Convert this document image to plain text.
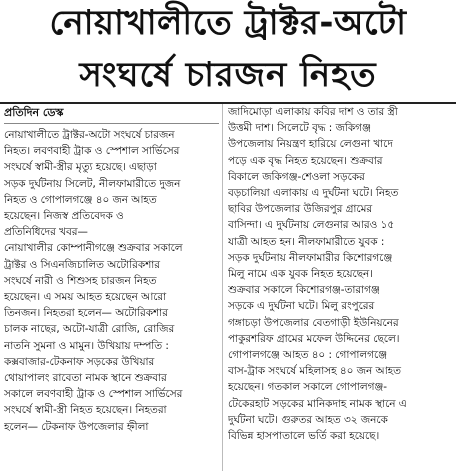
নোয়াখালীতে ট্রাক্টর-অটো
সংঘর্ষে চারজন নিহত
প্রতিদিন ডেস্ক
নোয়াখালীতে ট্রাক্টর-অটো সংঘর্ষে চারজন
নিহত। লবণবাহী ট্রাক ও স্পেশাল সার্ভিসের
সংঘর্ষে স্বামী-স্ত্রীর মৃত্যু হয়েছে। এছাড়া
সড়ক দুর্ঘটনায় সিলেট, নীলফামারীতে দুজন
নিহত ও গোপালগঞ্জে ৪০ জন আহত
হয়েছেন। নিজস্ব প্রতিবেদক ও
প্রতিনিধিদের খবর—
নোয়াখালীর কোম্পানীগঞ্জে শুক্রবার সকালে
ট্রাক্টর ও সিএনজিচালিত অটোরিকশার
সংঘর্ষে নারী ও শিশুসহ চারজন নিহত
হয়েছেন। এ সময় আহত হয়েছেন আরো
তিনজন। নিহতরা হলেন— অটোরিকশার
চালক নাছের, অটো-যাত্রী রোজি, রোজির
নাতনি সুমনা ও মামুন। উখিয়ায় দম্পতি :
কক্সবাজার-টেকনাফ সড়কের উখিয়ার
থোয়াপালং রাবেতা নামক স্থানে শুক্রবার
সকালে লবণবাহী ট্রাক ও স্পেশাল সার্ভিসের
সংঘর্ষে স্বামী-স্ত্রী নিহত হয়েছেন। নিহতরা
হলেন— টেকনাফ উপজেলার হ্নীলা
জাদিমোড়া এলাকায় কবির দাশ ও তার স্ত্রী
উত্তমী দাশ। সিলেটে বৃদ্ধ : জকিগঞ্জ
উপজেলায় নিয়ন্ত্রণ হারিয়ে লেগুনা খাদে
পড়ে এক বৃদ্ধ নিহত হয়েছেন। শুক্রবার
বিকালে জকিগঞ্জ-শেওলা সড়কের
বড়চালিয়া এলাকায় এ দুর্ঘটনা ঘটে। নিহত
ছাবির উপজেলার উজিরপুর গ্রামের
বাসিন্দা। এ দুর্ঘটনায় লেগুনার আরও ১৫
যাত্রী আহত হন। নীলফামারীতে যুবক :
সড়ক দুর্ঘটনায় নীলফামারীর কিশোরগঞ্জে
মিলু নামে এক যুবক নিহত হয়েছেন।
শুক্রবার সকালে কিশোরগঞ্জ-তারাগঞ্জ
সড়কে এ দুর্ঘটনা ঘটে। মিলু রংপুরের
গঙ্গাচড়া উপজেলার বেতগাড়ী ইউনিয়নের
পাকুরশরিফ গ্রামের মফেল উদ্দিনের ছেলে।
গোপালগঞ্জে আহত ৪০ : গোপালগঞ্জে
বাস-ট্রাক সংঘর্ষে মহিলাসহ ৪০ জন আহত
হয়েছেন। গতকাল সকালে গোপালগঞ্জ-
টেকেরহাট সড়কের মানিকদাহ নামক স্থানে এ
দুর্ঘটনা ঘটে। গুরুতর আহত ৩২ জনকে
বিভিন্ন হাসপাতালে ভর্তি করা হয়েছে।
